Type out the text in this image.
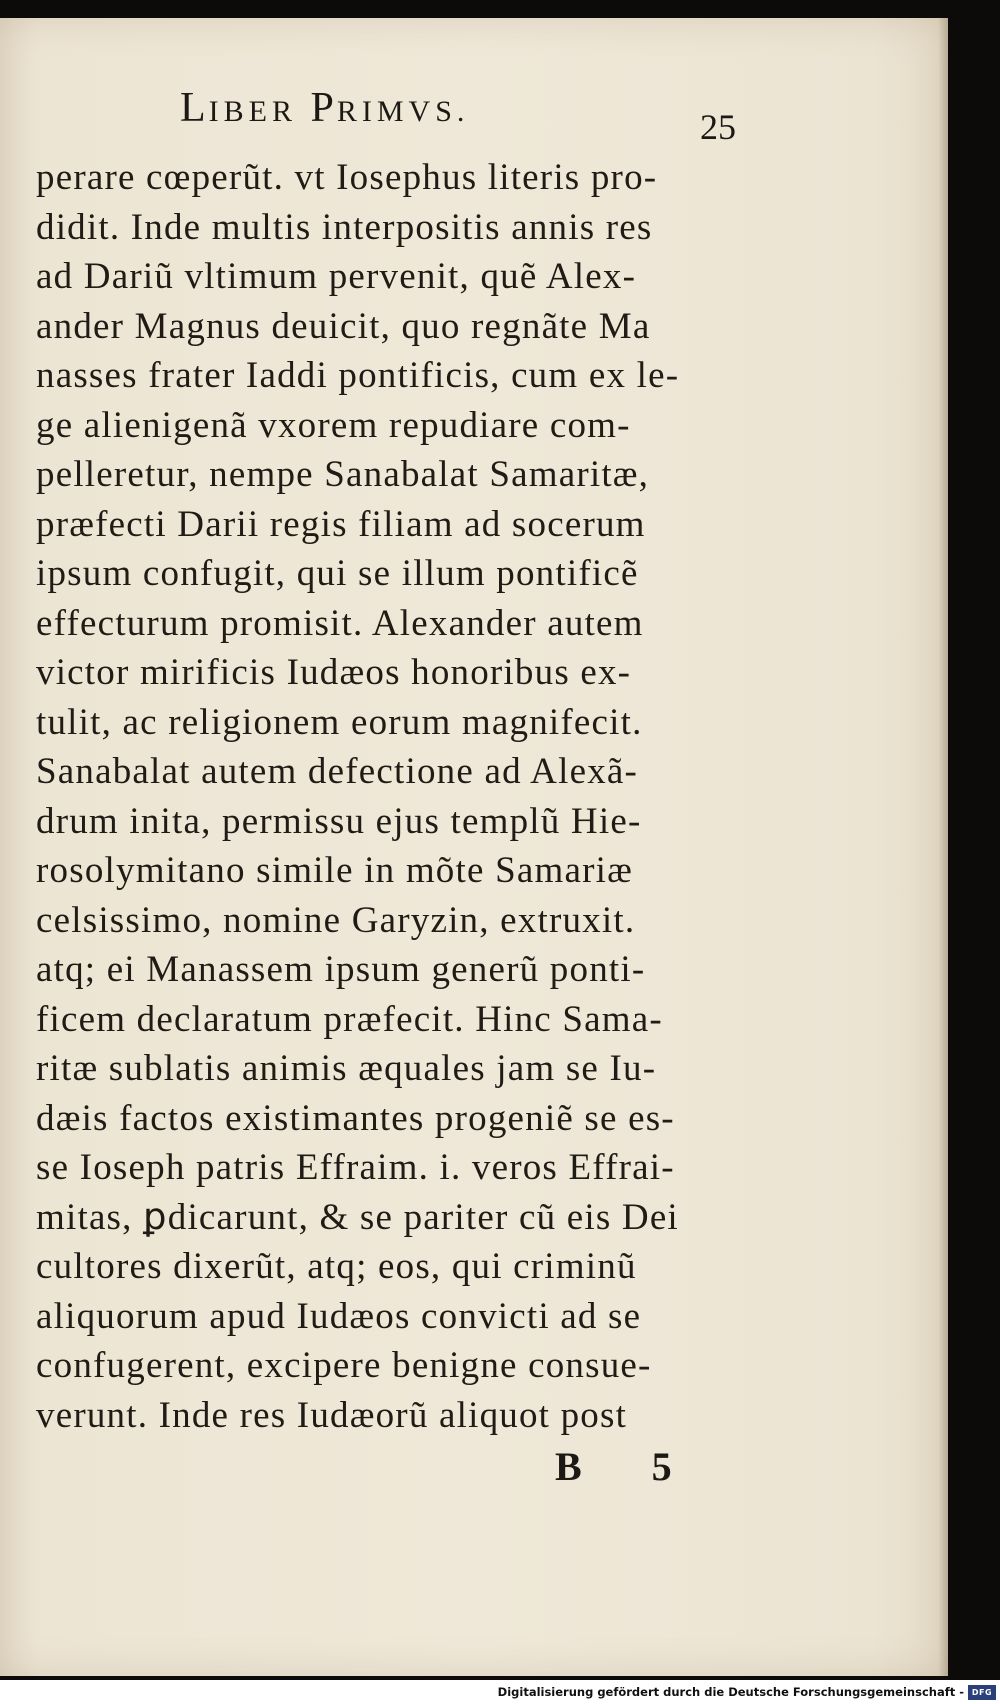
LIBER PRIMVS.	25
perare cœperũt. vt Iosephus literis pro-
didit. Inde multis interpositis annis res
ad Dariũ vltimum pervenit, quẽ Alex-
ander Magnus deuicit, quo regnãte Ma
nasses frater Iaddi pontificis, cum ex le-
ge alienigenã vxorem repudiare com-
pelleretur, nempe Sanabalat Samaritæ,
præfecti Darii regis filiam ad socerum
ipsum confugit, qui se illum pontificẽ
effecturum promisit. Alexander autem
victor mirificis Iudæos honoribus ex-
tulit, ac religionem eorum magnifecit.
Sanabalat autem defectione ad Alexã-
drum inita, permissu ejus templũ Hie-
rosolymitano simile in mõte Samariæ
celsissimo, nomine Garyzin, extruxit.
atq; ei Manassem ipsum generũ ponti-
ficem declaratum præfecit. Hinc Sama-
ritæ sublatis animis æquales jam se Iu-
dæis factos existimantes progeniẽ se es-
se Ioseph patris Effraim. i. veros Effrai-
mitas, ꝑdicarunt, & se pariter cũ eis Dei
cultores dixerũt, atq; eos, qui criminũ
aliquorum apud Iudæos convicti ad se
confugerent, excipere benigne consue-
verunt. Inde res Iudæorũ aliquot post
B 5
Digitalisierung gefördert durch die Deutsche Forschungsgemeinschaft - DFG
